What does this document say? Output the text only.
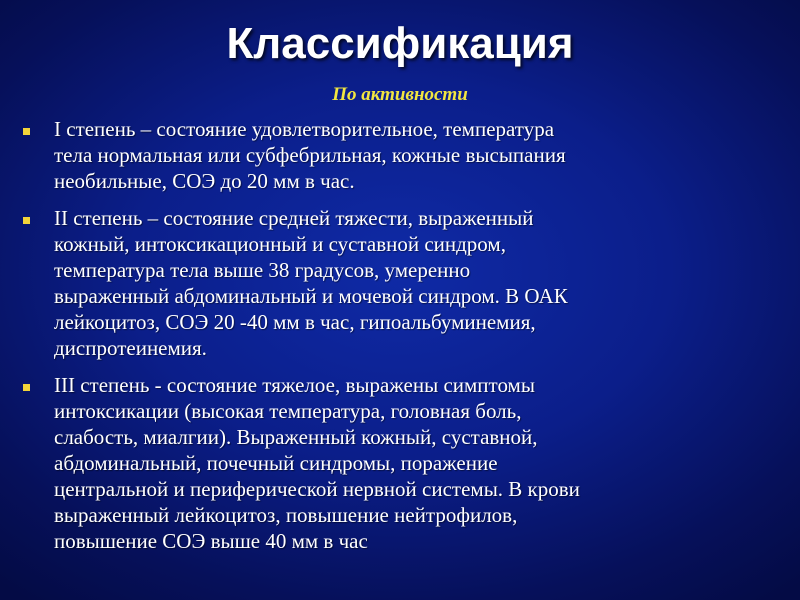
Классификация
По активности
I степень – состояние удовлетворительное, температура
тела нормальная или субфебрильная, кожные высыпания
необильные, СОЭ до 20 мм в час.
II степень – состояние средней тяжести, выраженный
кожный, интоксикационный и суставной синдром,
температура тела выше 38 градусов, умеренно
выраженный абдоминальный и мочевой синдром. В ОАК
лейкоцитоз, СОЭ 20 -40 мм в час, гипоальбуминемия,
диспротеинемия.
III степень - состояние тяжелое, выражены симптомы
интоксикации (высокая температура, головная боль,
слабость, миалгии). Выраженный кожный, суставной,
абдоминальный, почечный синдромы, поражение
центральной и периферической нервной системы. В крови
выраженный лейкоцитоз, повышение нейтрофилов,
повышение СОЭ выше 40 мм в час
